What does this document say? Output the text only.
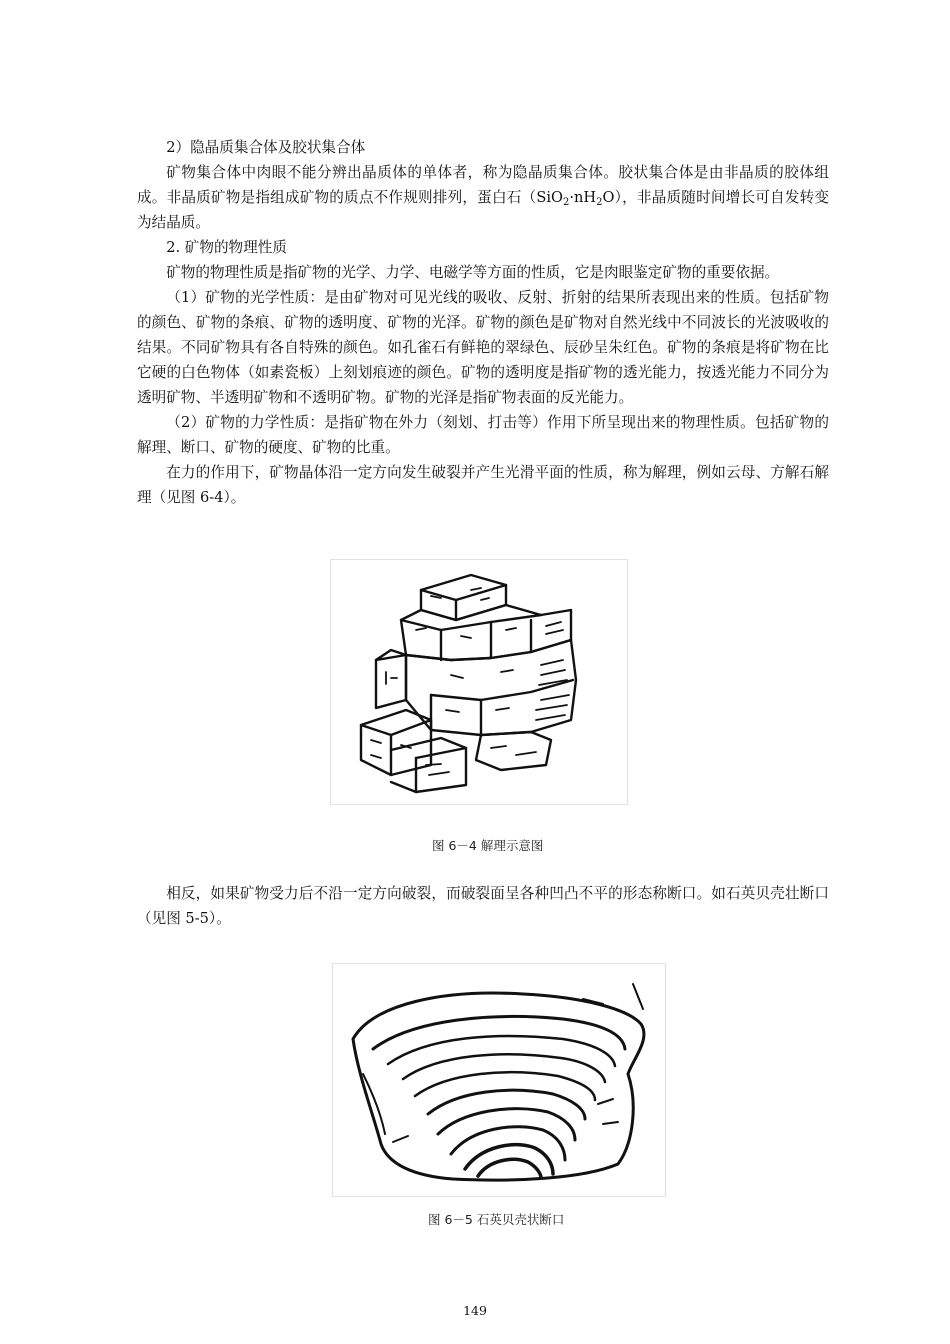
2）隐晶质集合体及胶状集合体

矿物集合体中肉眼不能分辨出晶质体的单体者，称为隐晶质集合体。胶状集合体是由非晶质的胶体组成。非晶质矿物是指组成矿物的质点不作规则排列，蛋白石$(SiO_2\cdot nH_2O)$，非晶质随时间增长可自发转变为结晶质。

2. 矿物的物理性质

矿物的物理性质是指矿物的光学、力学、电磁学等方面的性质，它是肉眼鉴定矿物的重要依据。

（1）矿物的光学性质：是由矿物对可见光线的吸收、反射、折射的结果所表现出来的性质。包括矿物的颜色、矿物的条痕、矿物的透明度、矿物的光泽。矿物的颜色是矿物对自然光线中不同波长的光波吸收的结果。不同矿物具有各自特殊的颜色。如孔雀石有鲜艳的翠绿色、辰砂呈朱红色。矿物的条痕是将矿物在比它硬的白色物体（如素瓷板）上刻划痕迹的颜色。矿物的透明度是指矿物的透光能力，按透光能力不同分为透明矿物、半透明矿物和不透明矿物。矿物的光泽是指矿物表面的反光能力。

（2）矿物的力学性质：是指矿物在外力（刻划、打击等）作用下所呈现出来的物理性质。包括矿物的解理、断口、矿物的硬度、矿物的比重。

在力的作用下，矿物晶体沿一定方向发生破裂并产生光滑平面的性质，称为解理，例如云母、方解石解理（见图 6-4）。

图 6－4 解理示意图

相反，如果矿物受力后不沿一定方向破裂，而破裂面呈各种凹凸不平的形态称断口。如石英贝壳壮断口（见图 5-5）。

图 6－5 石英贝壳状断口
149
